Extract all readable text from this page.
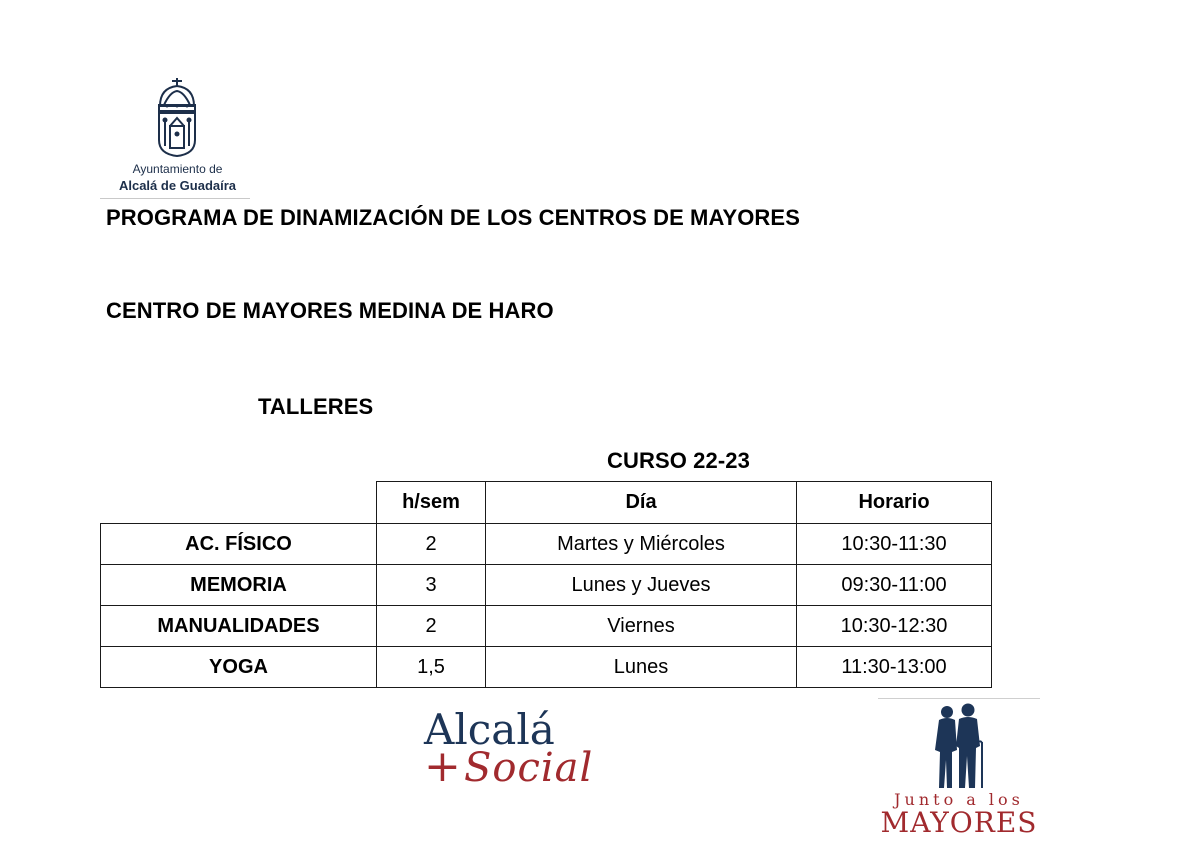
Ayuntamiento de
Alcalá de Guadaíra
PROGRAMA DE DINAMIZACIÓN DE LOS CENTROS DE MAYORES
CENTRO DE MAYORES MEDINA DE HARO
TALLERES
CURSO 22-23
	h/sem	Día	Horario
AC. FÍSICO	2	Martes y Miércoles	10:30-11:30
MEMORIA	3	Lunes y Jueves	09:30-11:00
MANUALIDADES	2	Viernes	10:30-12:30
YOGA	1,5	Lunes	11:30-13:00
Alcalá
+ Social
Junto a los
MAYORES
